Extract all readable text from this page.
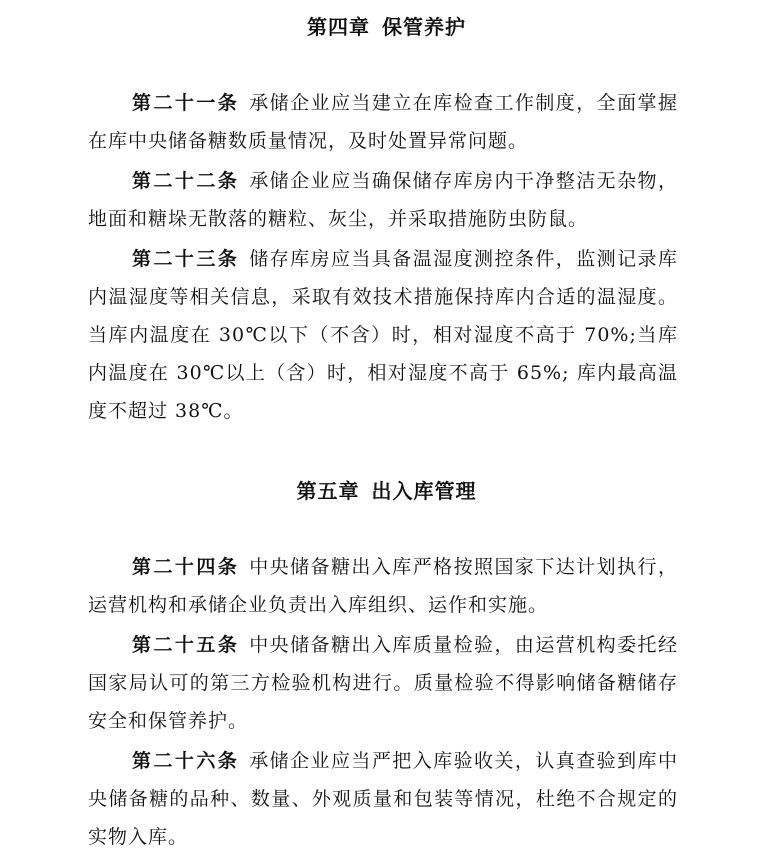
第四章 保管养护

第二十一条 承储企业应当建立在库检查工作制度，全面掌握在库中央储备糖数质量情况，及时处置异常问题。

第二十二条 承储企业应当确保储存库房内干净整洁无杂物，地面和糖垛无散落的糖粒、灰尘，并采取措施防虫防鼠。

第二十三条 储存库房应当具备温湿度测控条件，监测记录库内温湿度等相关信息，采取有效技术措施保持库内合适的温湿度。当库内温度在 30℃以下（不含）时，相对湿度不高于 70%;当库内温度在 30℃以上（含）时，相对湿度不高于 65%; 库内最高温度不超过 38℃。

第五章 出入库管理

第二十四条 中央储备糖出入库严格按照国家下达计划执行，运营机构和承储企业负责出入库组织、运作和实施。

第二十五条 中央储备糖出入库质量检验，由运营机构委托经国家局认可的第三方检验机构进行。质量检验不得影响储备糖储存安全和保管养护。

第二十六条 承储企业应当严把入库验收关，认真查验到库中央储备糖的品种、数量、外观质量和包装等情况，杜绝不合规定的实物入库。
